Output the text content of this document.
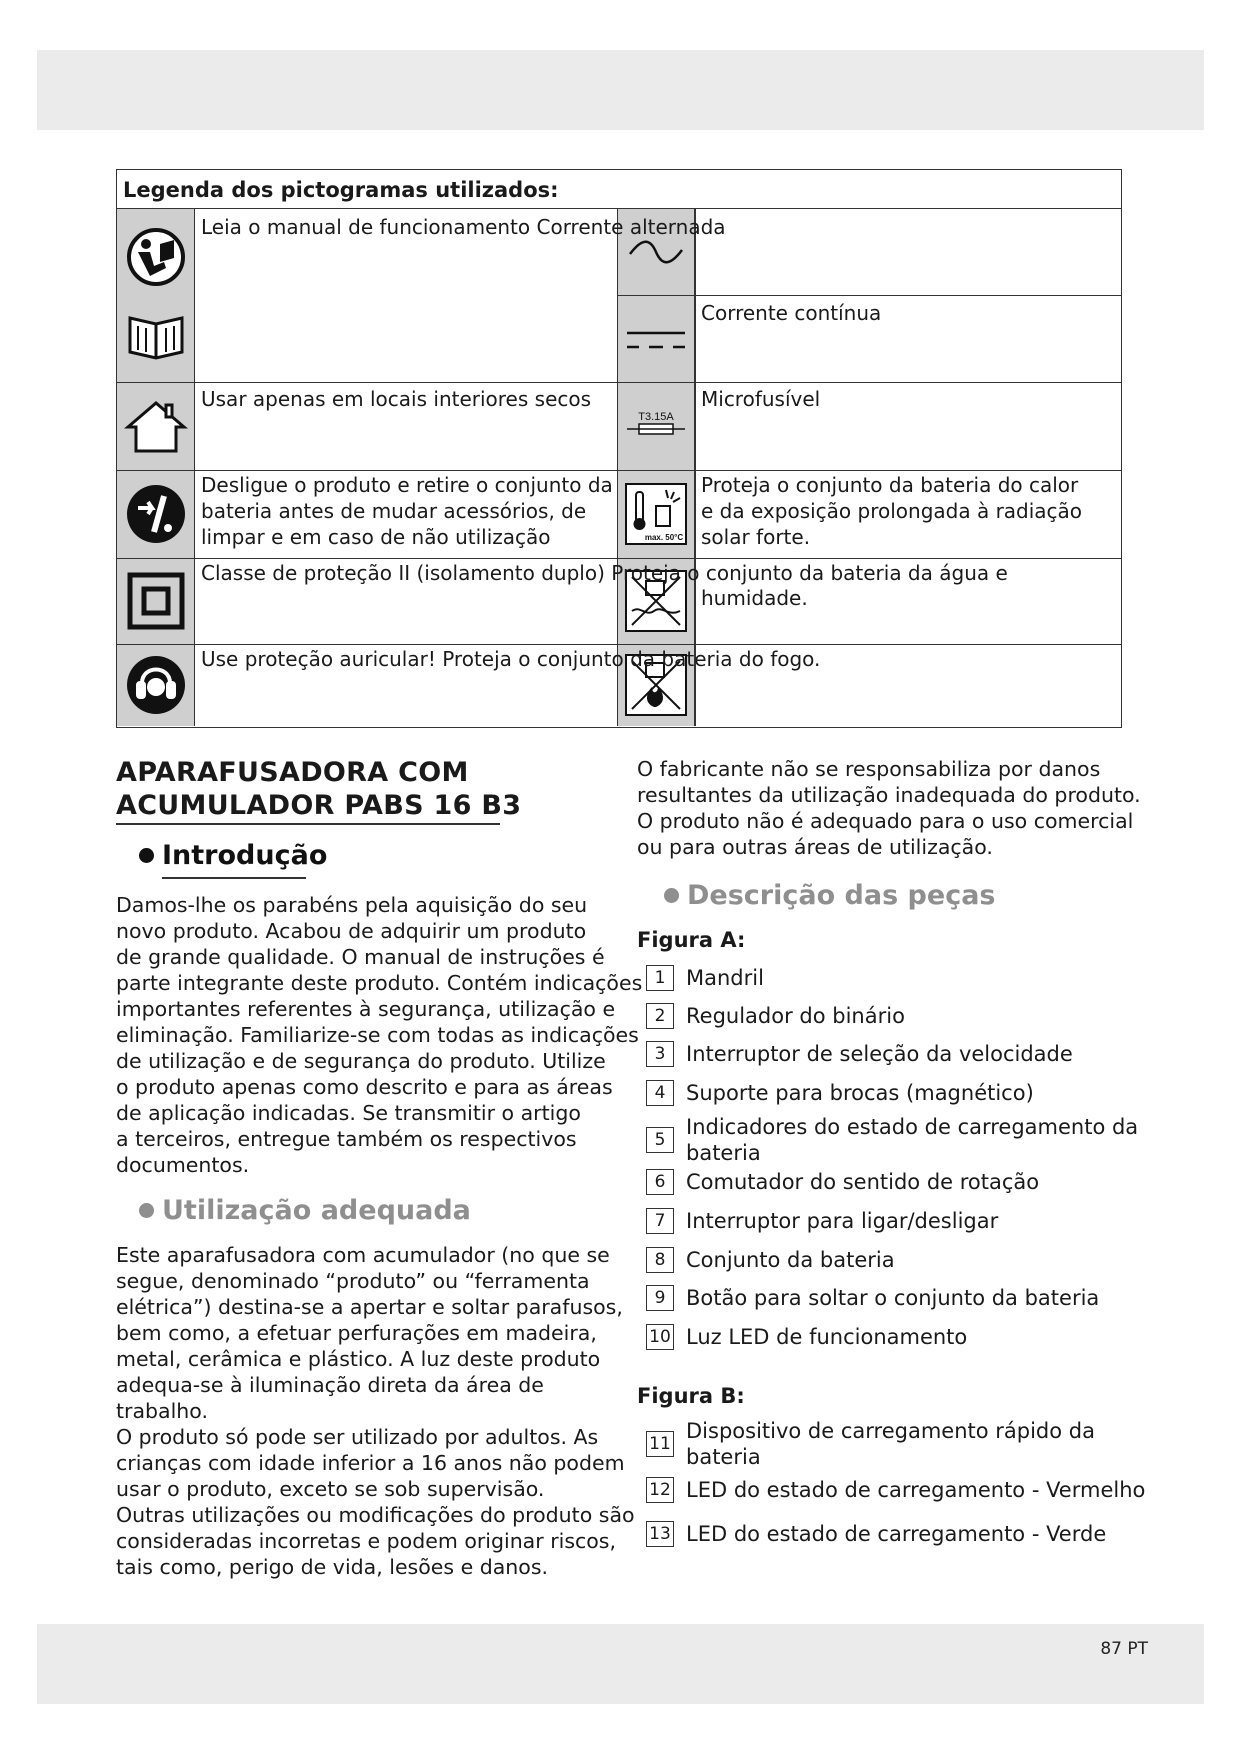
Legenda dos pictogramas utilizados:
T3.15A
max. 50°C
Leia o manual de funcionamento Corrente alternada
Corrente contínua
Usar apenas em locais interiores secos	Microfusível
Desligue o produto e retire o conjunto da
bateria antes de mudar acessórios, de
limpar e em caso de não utilização
Proteja o conjunto da bateria do calor
e da exposição prolongada à radiação
solar forte.
Classe de proteção II (isolamento duplo) Proteja o conjunto da bateria da água e
humidade.
Use proteção auricular! Proteja o conjunto da bateria do fogo.
APARAFUSADORA COM
ACUMULADOR PABS 16 B3
Introdução
Damos-lhe os parabéns pela aquisição do seu
novo produto. Acabou de adquirir um produto
de grande qualidade. O manual de instruções é
parte integrante deste produto. Contém indicações
importantes referentes à segurança, utilização e
eliminação. Familiarize-se com todas as indicações
de utilização e de segurança do produto. Utilize
o produto apenas como descrito e para as áreas
de aplicação indicadas. Se transmitir o artigo
a terceiros, entregue também os respectivos
documentos.
Utilização adequada
Este aparafusadora com acumulador (no que se
segue, denominado “produto” ou “ferramenta
elétrica”) destina-se a apertar e soltar parafusos,
bem como, a efetuar perfurações em madeira,
metal, cerâmica e plástico. A luz deste produto
adequa-se à iluminação direta da área de
trabalho.
O produto só pode ser utilizado por adultos. As
crianças com idade inferior a 16 anos não podem
usar o produto, exceto se sob supervisão.
Outras utilizações ou modificações do produto são
consideradas incorretas e podem originar riscos,
tais como, perigo de vida, lesões e danos.
O fabricante não se responsabiliza por danos
resultantes da utilização inadequada do produto.
O produto não é adequado para o uso comercial
ou para outras áreas de utilização.
Descrição das peças
Figura A:
1 Mandril
2 Regulador do binário
3 Interruptor de seleção da velocidade
4 Suporte para brocas (magnético)
5
Indicadores do estado de carregamento da
bateria
6 Comutador do sentido de rotação
7 Interruptor para ligar/desligar
8 Conjunto da bateria
9 Botão para soltar o conjunto da bateria
10 Luz LED de funcionamento
Figura B:
11
Dispositivo de carregamento rápido da
bateria
12 LED do estado de carregamento - Vermelho
13 LED do estado de carregamento - Verde
87 PT
